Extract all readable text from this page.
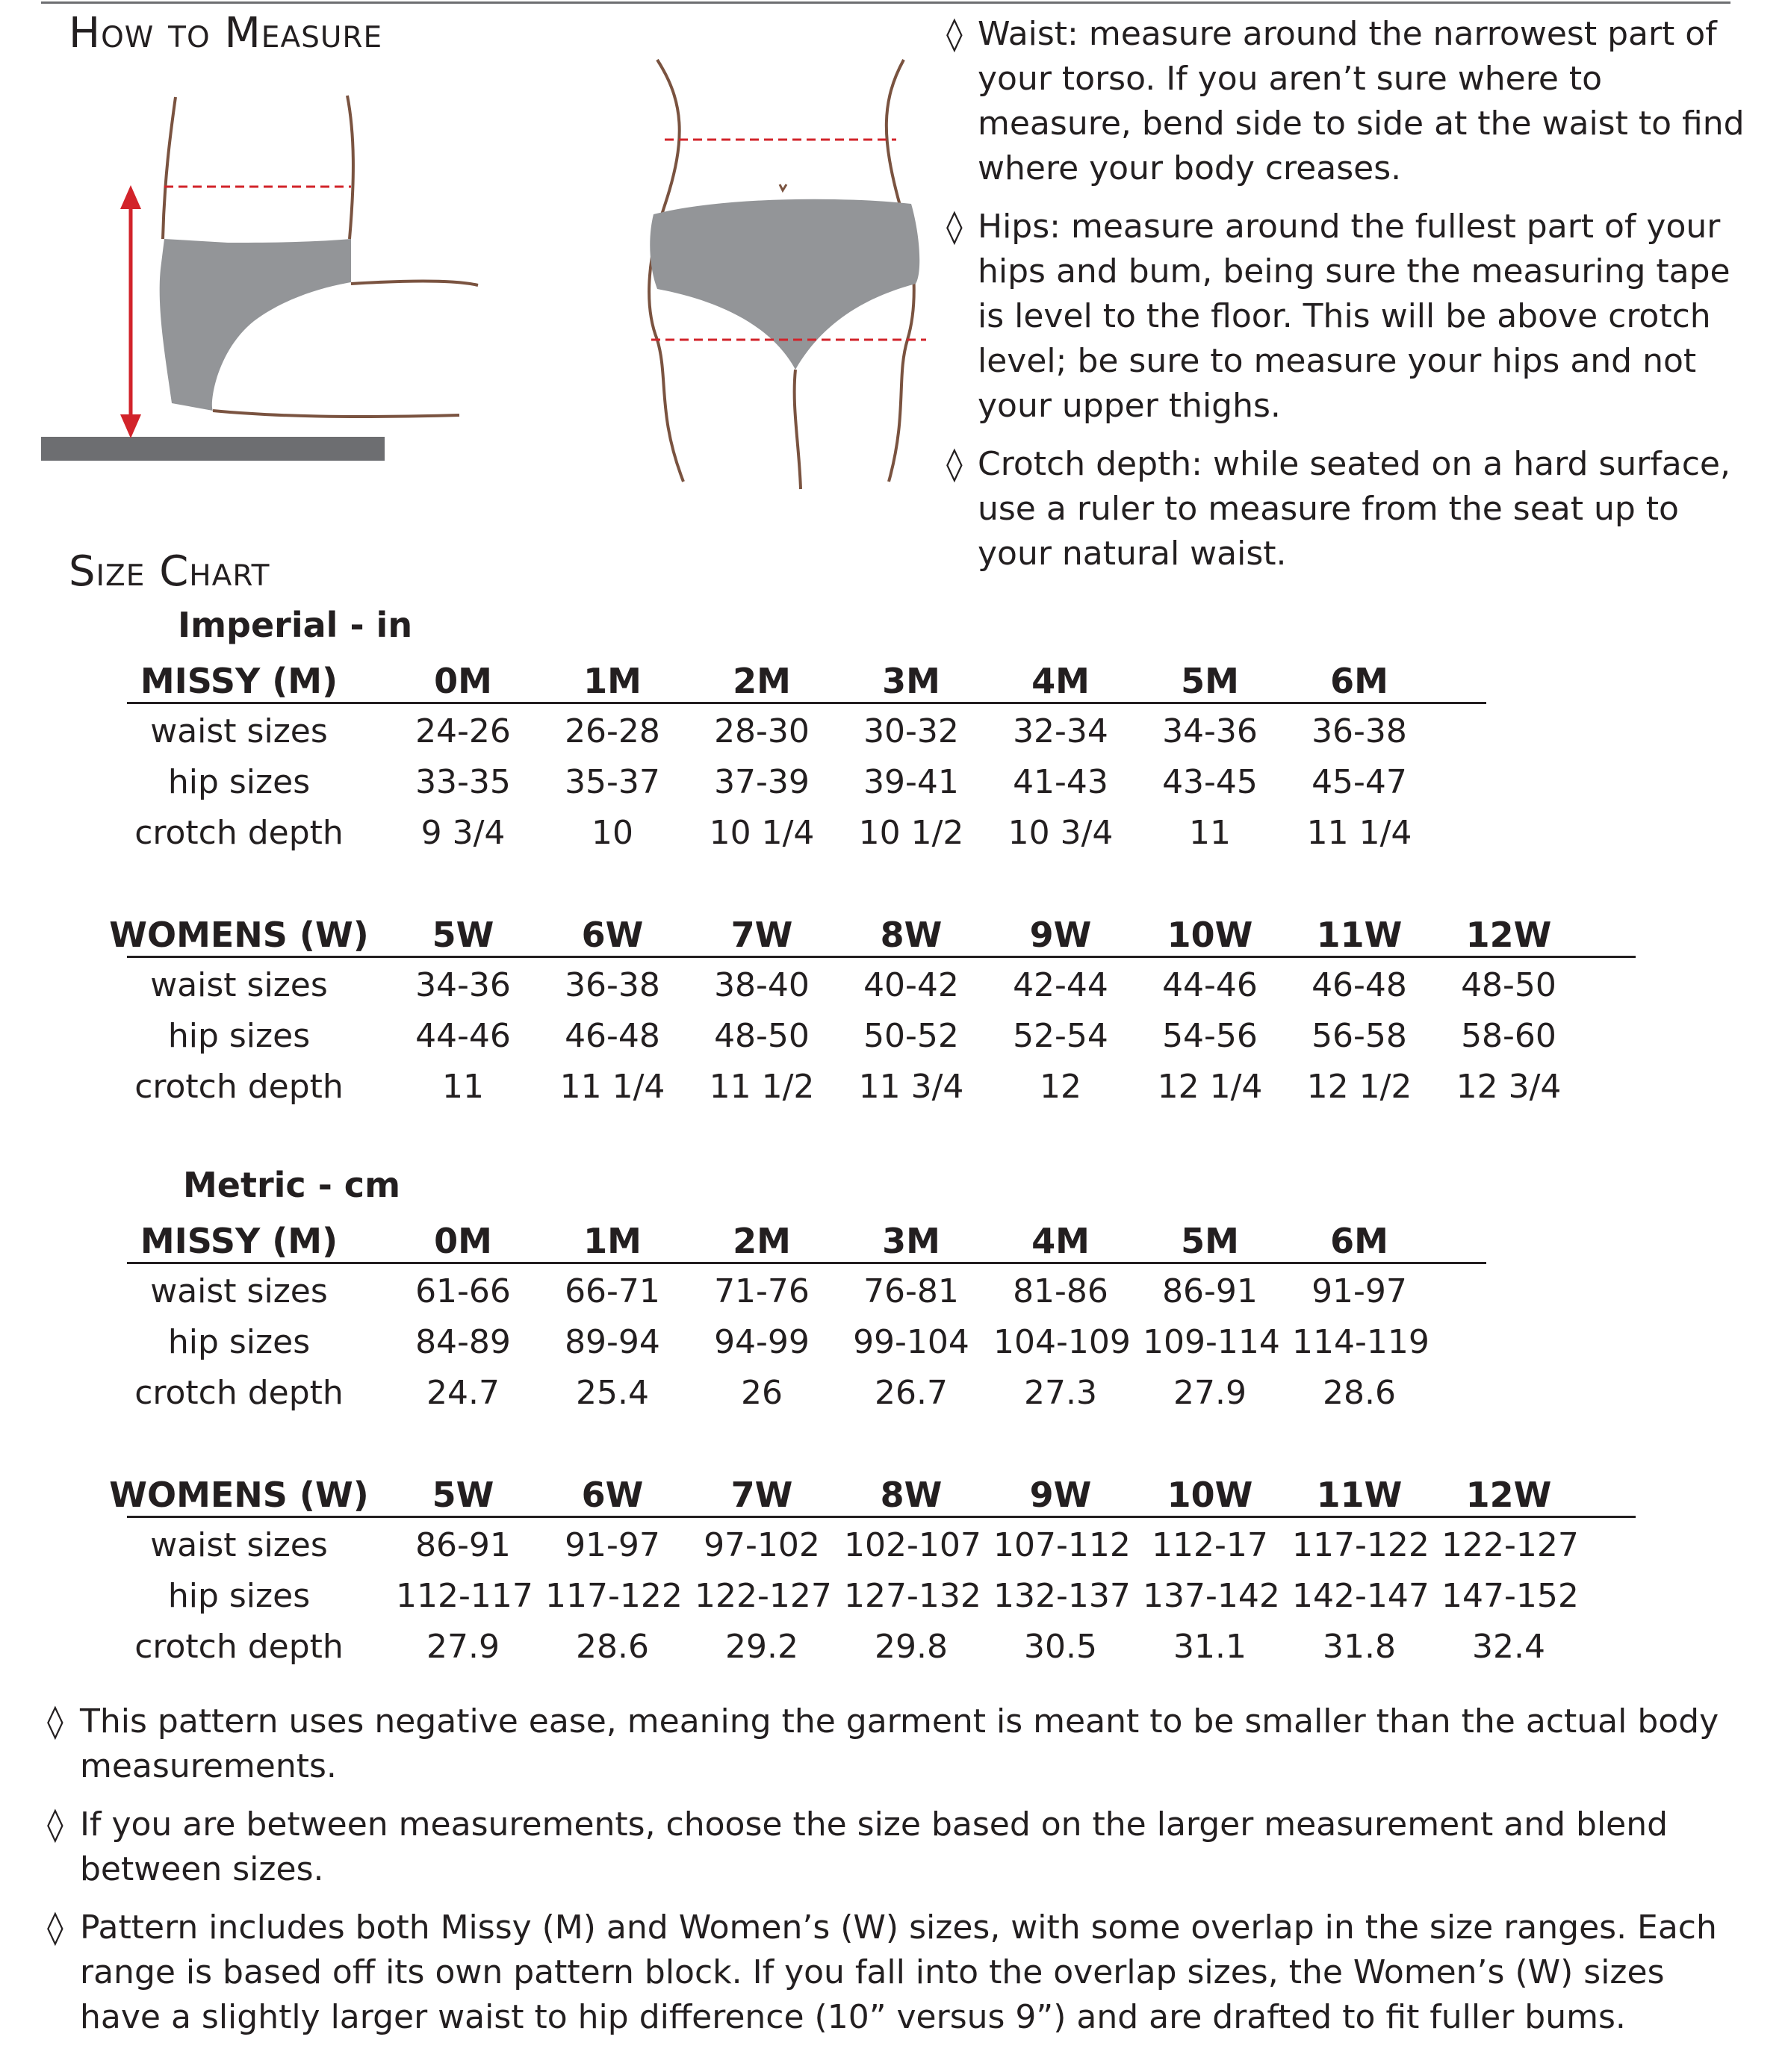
How to Measure	◊ Waist: measure around the narrowest part of your torso. If you aren’t sure where to measure, bend side to side at the waist to find where your body creases.
◊ Hips: measure around the fullest part of your hips and bum, being sure the measuring tape is level to the floor. This will be above crotch level; be sure to measure your hips and not your upper thighs.
◊ Crotch depth: while seated on a hard surface, use a ruler to measure from the seat up to your natural waist.
Size Chart
Imperial - in
Metric - cm
MISSY (M)	0M	1M	2M	3M	4M	5M	6M
waist sizes	24-26	26-28	28-30	30-32	32-34	34-36	36-38
hip sizes	33-35	35-37	37-39	39-41	41-43	43-45	45-47
crotch depth	9 3/4	10	10 1/4	10 1/2	10 3/4	11	11 1/4
WOMENS (W)	5W	6W	7W	8W	9W	10W	11W	12W
waist sizes	34-36	36-38	38-40	40-42	42-44	44-46	46-48	48-50
hip sizes	44-46	46-48	48-50	50-52	52-54	54-56	56-58	58-60
crotch depth	11	11 1/4	11 1/2	11 3/4	12	12 1/4	12 1/2	12 3/4
MISSY (M)	0M	1M	2M	3M	4M	5M	6M
waist sizes	61-66	66-71	71-76	76-81	81-86	86-91	91-97
hip sizes	84-89	89-94	94-99	99-104 104-109 109-114 114-119
crotch depth	24.7	25.4	26	26.7	27.3	27.9	28.6
WOMENS (W)	5W	6W	7W	8W	9W	10W	11W	12W
waist sizes	86-91	91-97	97-102 102-107 107-112 112-17 117-122 122-127
hip sizes	112-117 117-122 122-127 127-132 132-137 137-142 142-147 147-152
crotch depth	27.9	28.6	29.2	29.8	30.5	31.1	31.8	32.4
◊ This pattern uses negative ease, meaning the garment is meant to be smaller than the actual body measurements.
◊ If you are between measurements, choose the size based on the larger measurement and blend between sizes.
◊ Pattern includes both Missy (M) and Women’s (W) sizes, with some overlap in the size ranges. Each range is based off its own pattern block. If you fall into the overlap sizes, the Women’s (W) sizes have a slightly larger waist to hip difference (10” versus 9”) and are drafted to fit fuller bums.
